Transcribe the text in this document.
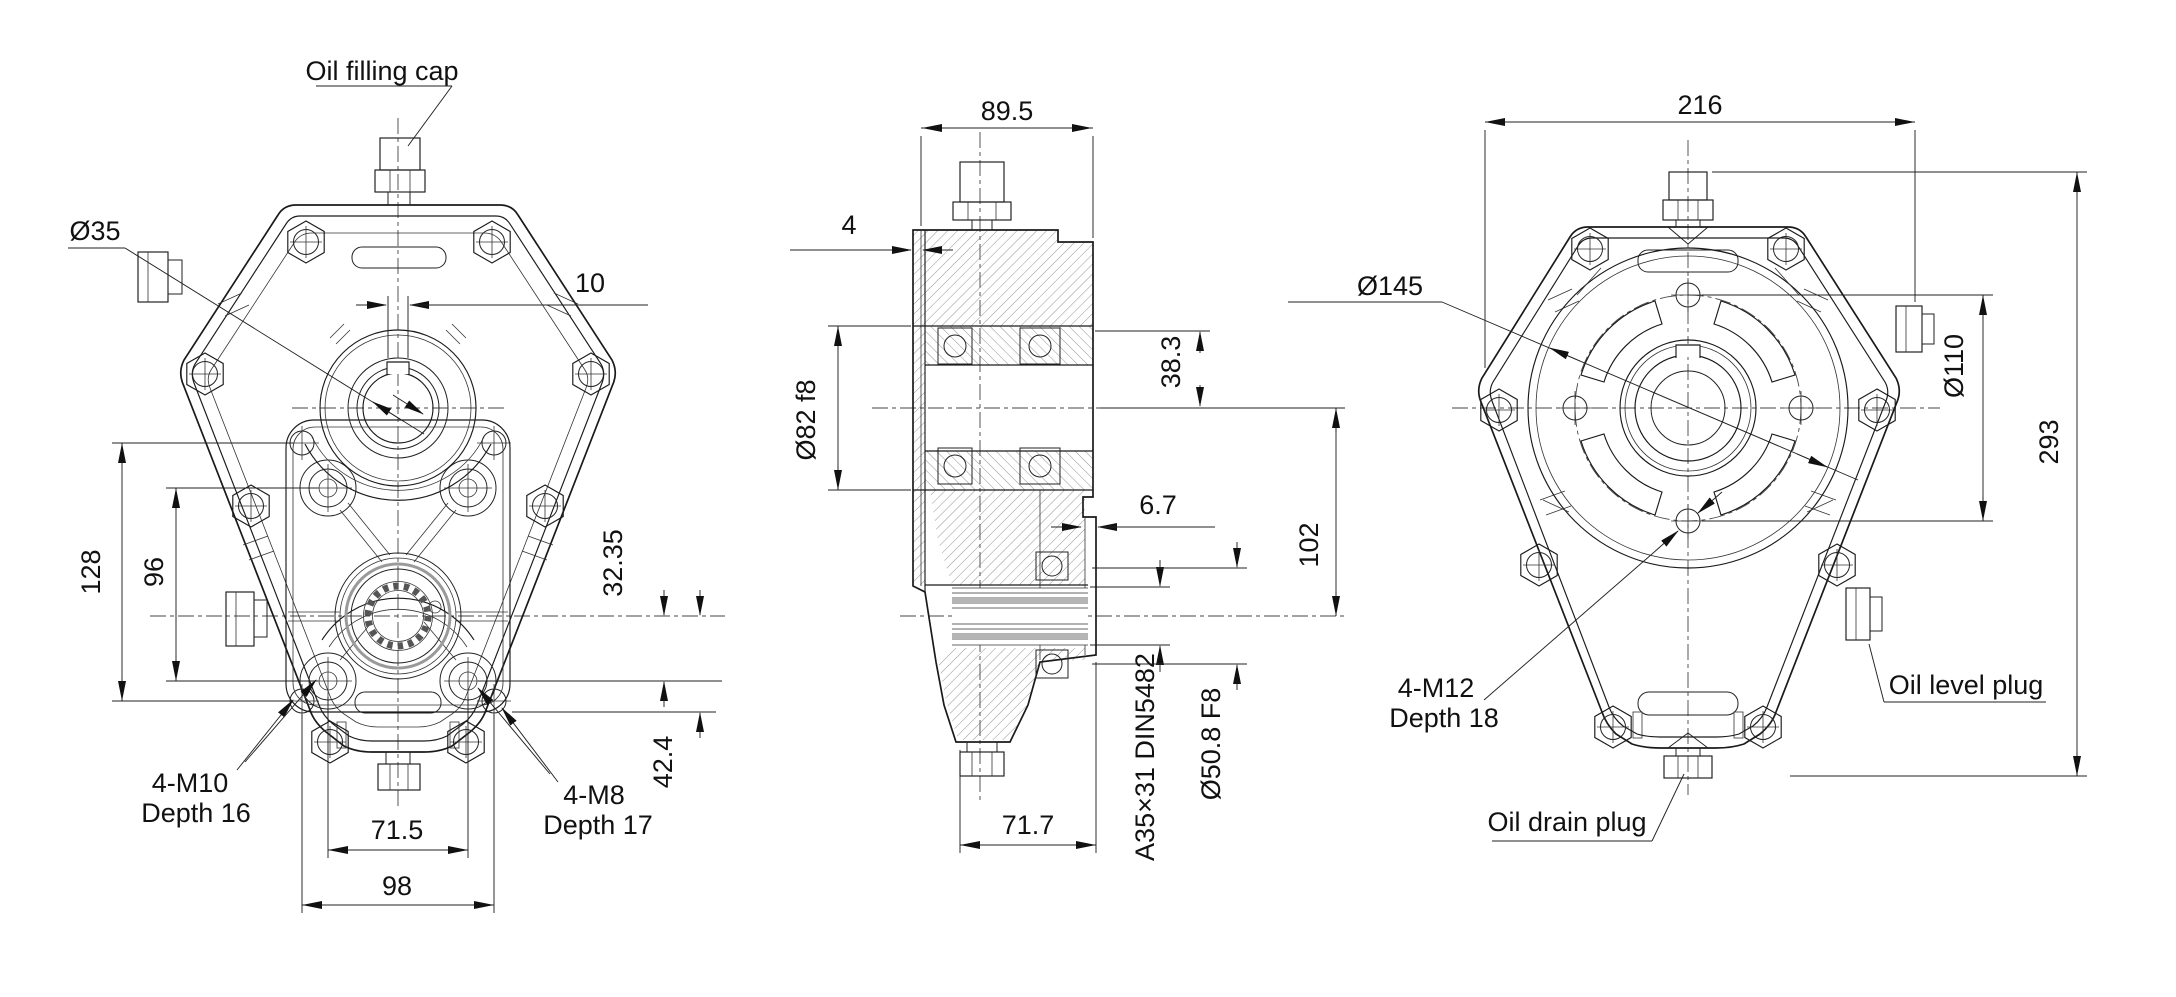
Oil filling cap
Ø35
10
128 96	32.35
42.4
4-M10
Depth 16
4-M8
Depth 17
71.5
98
89.5
4
Ø82 f8
38.3
6.7
102
A35×31 DIN5482 Ø50.8 F8
71.7
216
Ø145
Ø110
293
4-M12
Depth 18
Oil level plug
Oil drain plug
